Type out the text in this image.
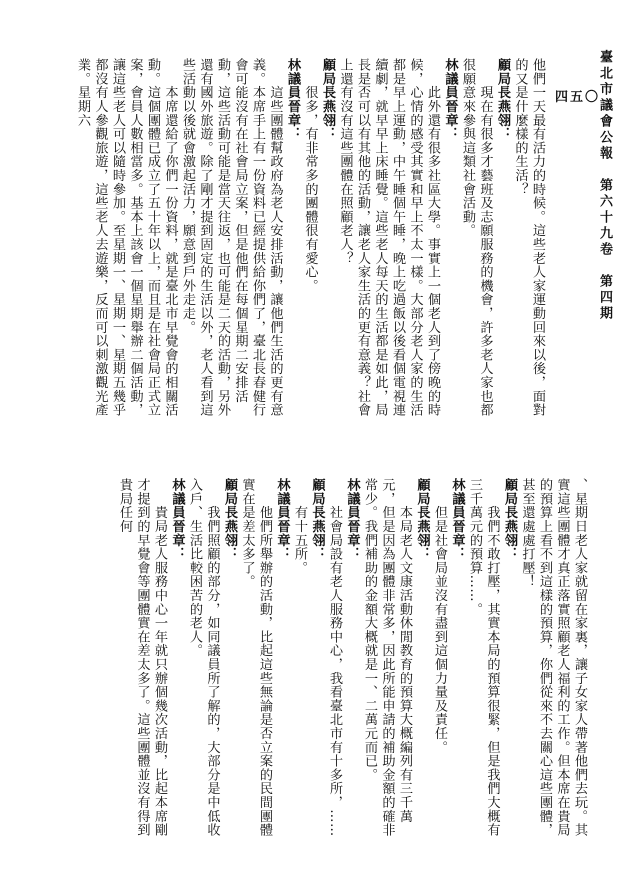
臺北市議會公報　第六十九卷　第四期
四五〇

他們一天最有活力的時候。這些老人家運動回來以後，面對的又是什麼樣的生活？

顧局長燕翎：

　　現在有很多才藝班及志願服務的機會，許多老人家也都很願意來參與這類社會活動。

林議員晉章：

　　此外還有很多社區大學。事實上一個老人到了傍晚的時候，心情的感受其實和早上不太一樣。大部分老人家的生活都是早上運動，中午睡個午睡，晚上吃過飯以後看個電視連續劇，就早早上床睡覺。這些老人每天的生活都是如此，局長是否可以有其他的活動，讓老人家生活的更有意義？社會上還有沒有這些團體在照顧老人？

顧局長燕翎：

　　很多，有非常多的團體很有愛心。

林議員晉章：

　　這些團體幫政府為老人安排活動，讓他們生活的更有意義。本席手上有一份資料已經提供給你們了，臺北長春健行會可能沒有在社會局立案，但是他們在每個星期二安排活動，這些活動可能是當天往返，也可能是二天的活動，另外還有國外旅遊。除了剛才提到固定的生活以外，老人看到這些活動以後就會激起活力，願意到戶外走走。

　　本席還給了你們一份資料，就是臺北市早覺會的相關活動。這個團體已成立了五十年以上，而且是在社會局正式立案，會員人數相當多。基本上該會一個星期舉辦二個活動，讓這些老人可以隨時參加。至星期一、星期一、星期五幾乎都沒有人參觀旅遊，這些老人去遊樂，反而可以刺激觀光產業。星期六

、星期日老人家就留在家裏，讓子女家人帶著他們去玩。其實這些團體才真正落實照顧老人福利的工作。但本席在貴局的預算上看不到這樣的預算，你們從來不去關心這些團體，甚至還處處打壓！

顧局長燕翎：

　　我們不敢打壓，其實本局的預算很緊，但是我們大概有三千萬元的預算……。

林議員晉章：

　　但是社會局並沒有盡到這個力量及責任。

顧局長燕翎：

　　本局老人文康活動休閒教育的預算大概編列有三千萬元，但是因為團體非常多，因此所能申請的補助金額的確非常少。我們補助的金額大概就是一、二萬元而已。

林議員晉章：

　　社會局設有老人服務中心，我看臺北市有十多所，……

顧局長燕翎：

　　有十五所。

林議員晉章：

　　他們所舉辦的活動，比起這些無論是否立案的民間團體實在是差太多了。

顧局長燕翎：

　　我們照顧的部分，如同議員所了解的，大部分是中低收入戶、生活比較困苦的老人。

林議員晉章：

　　貴局老人服務中心一年就只辦個幾次活動，比起本席剛才提到的早覺會等團體實在差太多了。這些團體並沒有得到貴局任何
